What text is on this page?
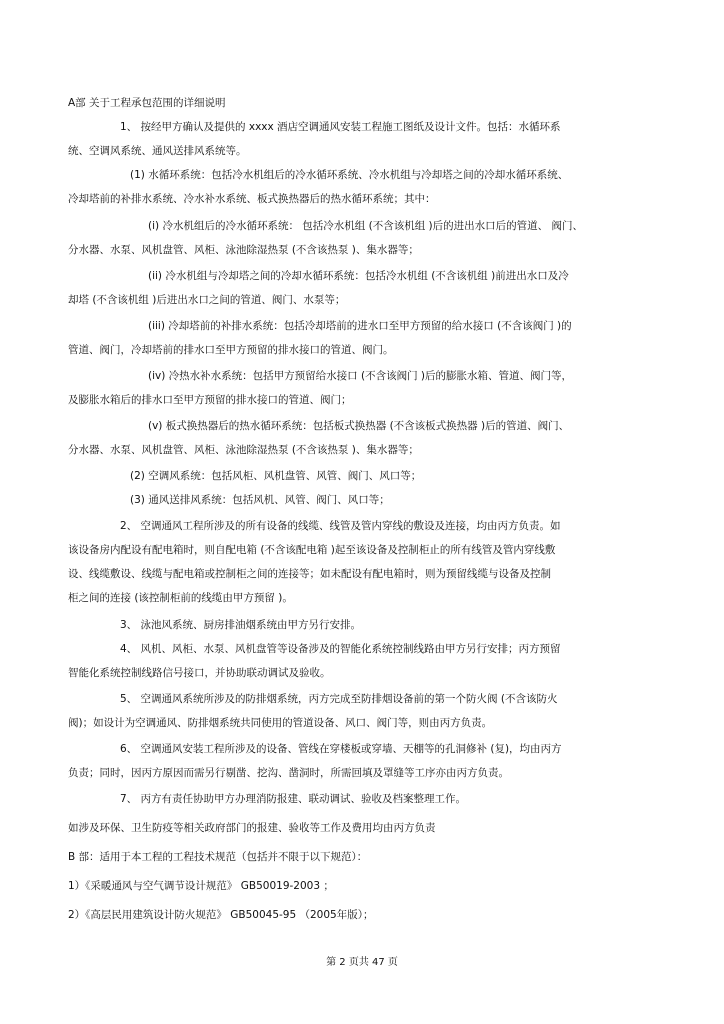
A部 关于工程承包范围的详细说明
1、 按经甲方确认及提供的 xxxx 酒店空调通风安装工程施工图纸及设计文件。包括：水循环系
统、空调风系统、通风送排风系统等。
(1) 水循环系统：包括冷水机组后的冷水循环系统、冷水机组与冷却塔之间的冷却水循环系统、
冷却塔前的补排水系统、冷水补水系统、板式换热器后的热水循环系统；其中：
(i) 冷水机组后的冷水循环系统： 包括冷水机组 (不含该机组 )后的进出水口后的管道、 阀门、
分水器、水泵、风机盘管、风柜、泳池除湿热泵 (不含该热泵 )、集水器等；
(ii) 冷水机组与冷却塔之间的冷却水循环系统：包括冷水机组 (不含该机组 )前进出水口及冷
却塔 (不含该机组 )后进出水口之间的管道、阀门、水泵等；
(iii) 冷却塔前的补排水系统：包括冷却塔前的进水口至甲方预留的给水接口 (不含该阀门 )的
管道、阀门，冷却塔前的排水口至甲方预留的排水接口的管道、阀门。
(iv) 冷热水补水系统：包括甲方预留给水接口 (不含该阀门 )后的膨胀水箱、管道、阀门等，
及膨胀水箱后的排水口至甲方预留的排水接口的管道、阀门；
(v) 板式换热器后的热水循环系统：包括板式换热器 (不含该板式换热器 )后的管道、阀门、
分水器、水泵、风机盘管、风柜、泳池除湿热泵 (不含该热泵 )、集水器等；
(2) 空调风系统：包括风柜、风机盘管、风管、阀门、风口等；
(3) 通风送排风系统：包括风机、风管、阀门、风口等；
2、 空调通风工程所涉及的所有设备的线缆、线管及管内穿线的敷设及连接，均由丙方负责。如
该设备房内配设有配电箱时，则自配电箱 (不含该配电箱 )起至该设备及控制柜止的所有线管及管内穿线敷
设、线缆敷设、线缆与配电箱或控制柜之间的连接等；如未配设有配电箱时，则为预留线缆与设备及控制
柜之间的连接 (该控制柜前的线缆由甲方预留 )。
3、 泳池风系统、厨房排油烟系统由甲方另行安排。
4、 风机、风柜、水泵、风机盘管等设备涉及的智能化系统控制线路由甲方另行安排；丙方预留
智能化系统控制线路信号接口，并协助联动调试及验收。
5、 空调通风系统所涉及的防排烟系统，丙方完成至防排烟设备前的第一个防火阀 (不含该防火
阀)；如设计为空调通风、防排烟系统共同使用的管道设备、风口、阀门等，则由丙方负责。
6、 空调通风安装工程所涉及的设备、管线在穿楼板或穿墙、天棚等的孔洞修补 (复)，均由丙方
负责；同时，因丙方原因而需另行剔凿、挖沟、凿洞时，所需回填及罩缝等工序亦由丙方负责。
7、 丙方有责任协助甲方办理消防报建、联动调试、验收及档案整理工作。
如涉及环保、卫生防疫等相关政府部门的报建、验收等工作及费用均由丙方负责
B 部：适用于本工程的工程技术规范（包括并不限于以下规范）：
1）《采暖通风与空气调节设计规范》 GB50019-2003 ；
2）《高层民用建筑设计防火规范》 GB50045-95 （2005年版）；
第 2 页共 47 页
